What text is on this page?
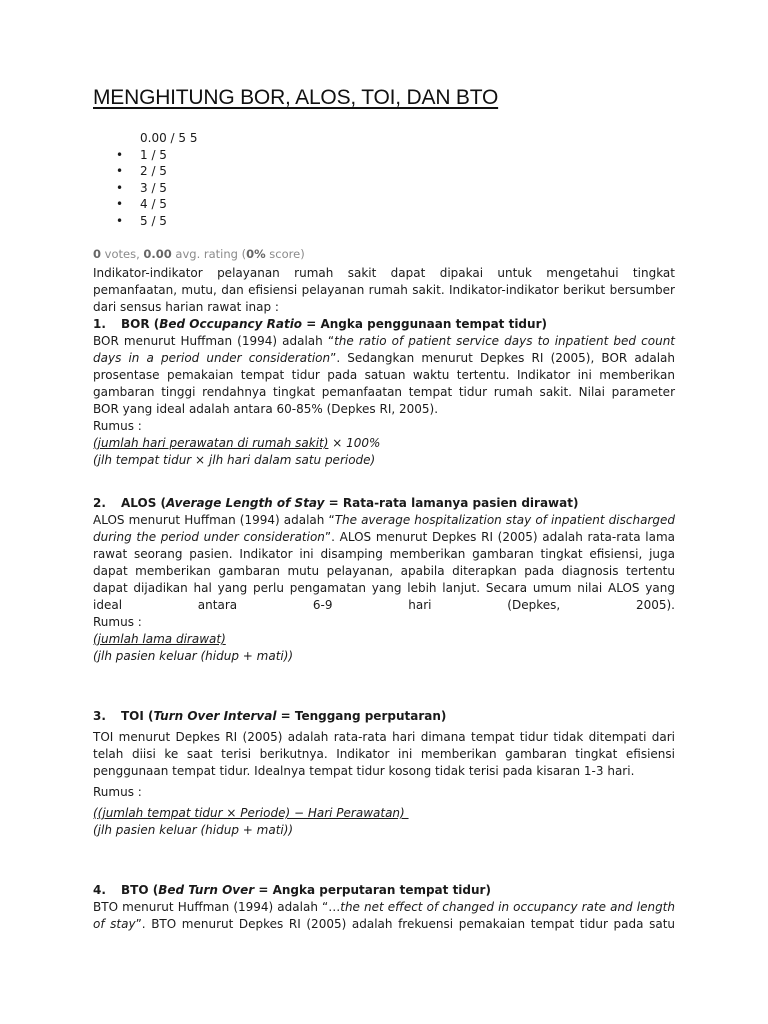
MENGHITUNG BOR, ALOS, TOI, DAN BTO
0.00 / 5 5
•	1 / 5
•	2 / 5
•	3 / 5
•	4 / 5
•	5 / 5
0 votes, 0.00 avg. rating (0% score)

Indikator-indikator pelayanan rumah sakit dapat dipakai untuk mengetahui tingkat pemanfaatan, mutu, dan efisiensi pelayanan rumah sakit. Indikator-indikator berikut bersumber dari sensus harian rawat inap :

1.	BOR (Bed Occupancy Ratio = Angka penggunaan tempat tidur)

BOR menurut Huffman (1994) adalah “the ratio of patient service days to inpatient bed count days in a period under consideration”. Sedangkan menurut Depkes RI (2005), BOR adalah prosentase pemakaian tempat tidur pada satuan waktu tertentu. Indikator ini memberikan gambaran tinggi rendahnya tingkat pemanfaatan tempat tidur rumah sakit. Nilai parameter BOR yang ideal adalah antara 60-85% (Depkes RI, 2005).

Rumus :
(jumlah hari perawatan di rumah sakit) × 100%
(jlh tempat tidur × jlh hari dalam satu periode)
2.	ALOS (Average Length of Stay = Rata-rata lamanya pasien dirawat)

ALOS menurut Huffman (1994) adalah “The average hospitalization stay of inpatient discharged during the period under consideration”. ALOS menurut Depkes RI (2005) adalah rata-rata lama rawat seorang pasien. Indikator ini disamping memberikan gambaran tingkat efisiensi, juga dapat memberikan gambaran mutu pelayanan, apabila diterapkan pada diagnosis tertentu dapat dijadikan hal yang perlu pengamatan yang lebih lanjut. Secara umum nilai ALOS yang ideal antara 6-9 hari (Depkes, 2005).

Rumus :
(jumlah lama dirawat)
(jlh pasien keluar (hidup + mati))
3.	TOI (Turn Over Interval = Tenggang perputaran)

TOI menurut Depkes RI (2005) adalah rata-rata hari dimana tempat tidur tidak ditempati dari telah diisi ke saat terisi berikutnya. Indikator ini memberikan gambaran tingkat efisiensi penggunaan tempat tidur. Idealnya tempat tidur kosong tidak terisi pada kisaran 1-3 hari.

Rumus :
((jumlah tempat tidur × Periode) − Hari Perawatan)
(jlh pasien keluar (hidup + mati))
4.	BTO (Bed Turn Over = Angka perputaran tempat tidur)

BTO menurut Huffman (1994) adalah “…the net effect of changed in occupancy rate and length of stay”. BTO menurut Depkes RI (2005) adalah frekuensi pemakaian tempat tidur pada satu
